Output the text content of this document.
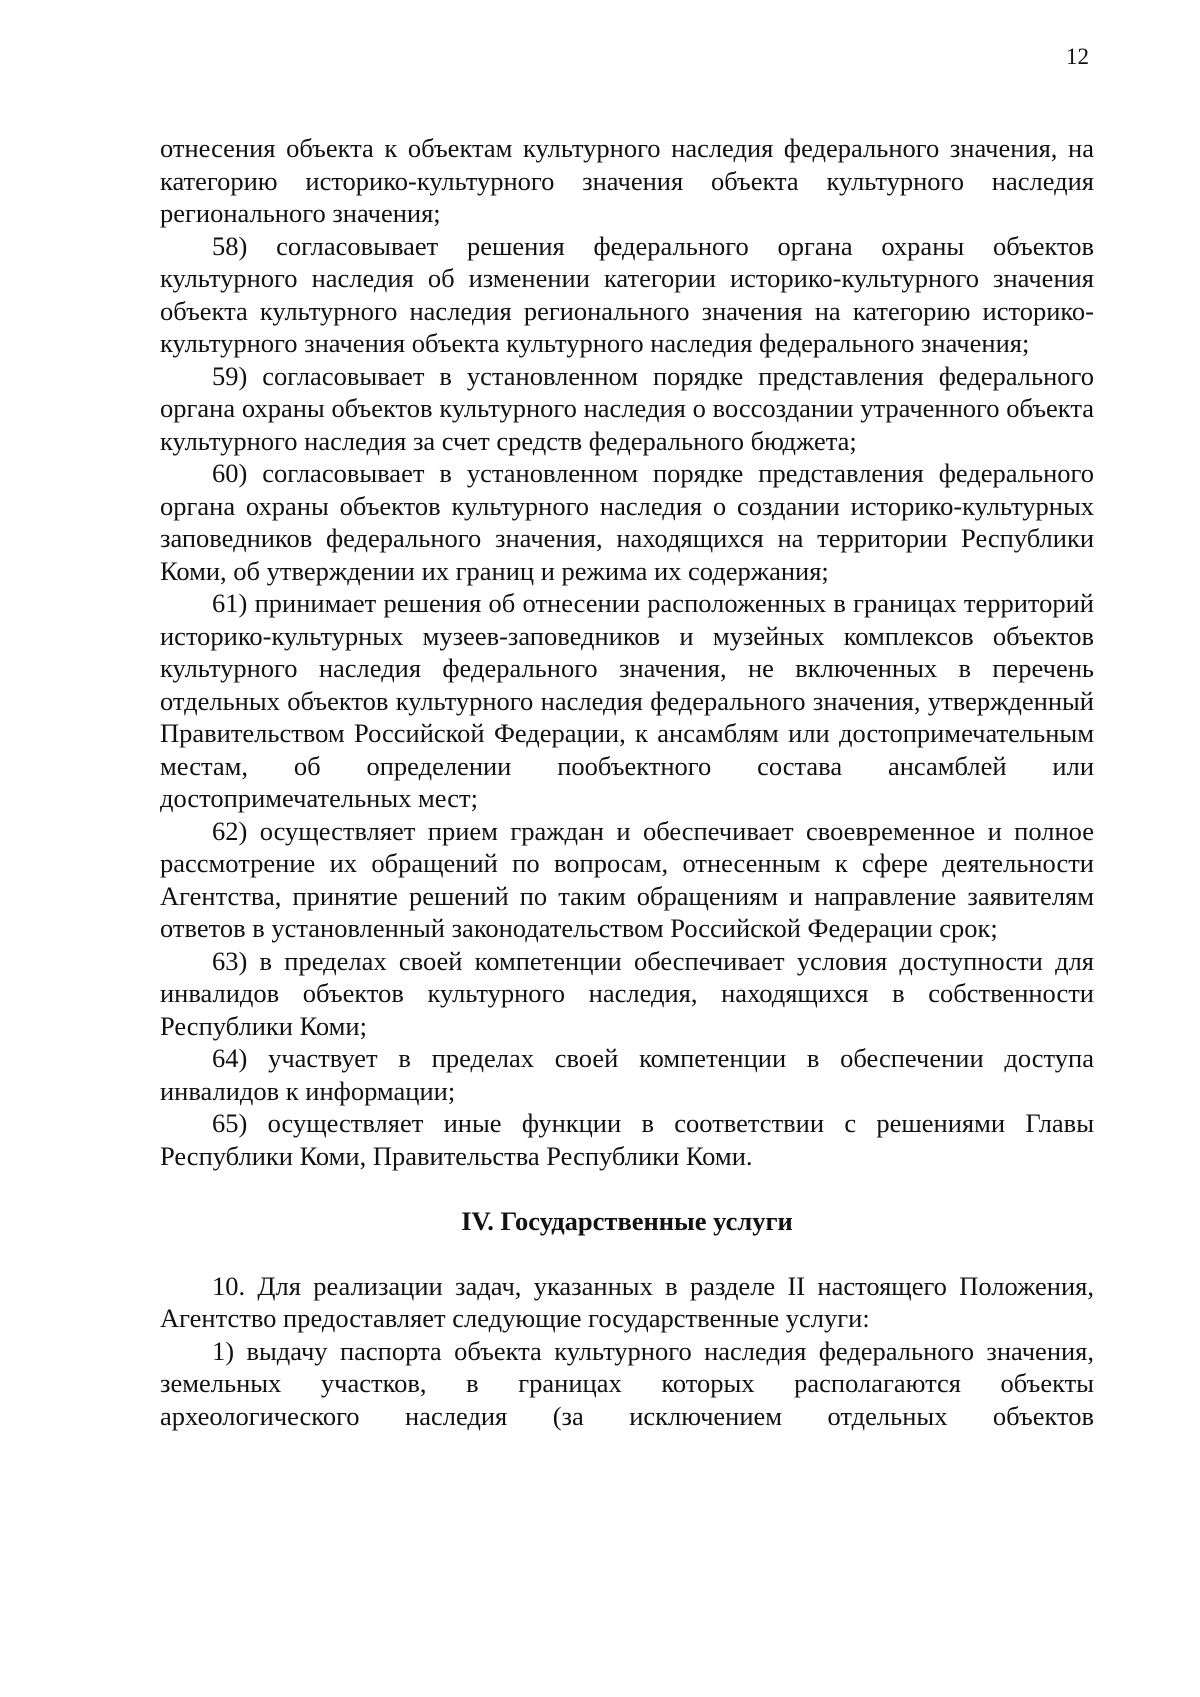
12

отнесения объекта к объектам культурного наследия федерального значения, на категорию историко-культурного значения объекта культурного наследия регионального значения;

58) согласовывает решения федерального органа охраны объектов культурного наследия об изменении категории историко-культурного значения объекта культурного наследия регионального значения на категорию историко-культурного значения объекта культурного наследия федерального значения;

59) согласовывает в установленном порядке представления федерального органа охраны объектов культурного наследия о воссоздании утраченного объекта культурного наследия за счет средств федерального бюджета;

60) согласовывает в установленном порядке представления федерального органа охраны объектов культурного наследия о создании историко-культурных заповедников федерального значения, находящихся на территории Республики Коми, об утверждении их границ и режима их содержания;

61) принимает решения об отнесении расположенных в границах территорий историко-культурных музеев-заповедников и музейных комплексов объектов культурного наследия федерального значения, не включенных в перечень отдельных объектов культурного наследия федерального значения, утвержденный Правительством Российской Федерации, к ансамблям или достопримечательным местам, об определении пообъектного состава ансамблей или достопримечательных мест;

62) осуществляет прием граждан и обеспечивает своевременное и полное рассмотрение их обращений по вопросам, отнесенным к сфере деятельности Агентства, принятие решений по таким обращениям и направление заявителям ответов в установленный законодательством Российской Федерации срок;

63) в пределах своей компетенции обеспечивает условия доступности для инвалидов объектов культурного наследия, находящихся в собственности Республики Коми;

64) участвует в пределах своей компетенции в обеспечении доступа инвалидов к информации;

65) осуществляет иные функции в соответствии с решениями Главы Республики Коми, Правительства Республики Коми.

IV. Государственные услуги

10. Для реализации задач, указанных в разделе II настоящего Положения, Агентство предоставляет следующие государственные услуги:

1) выдачу паспорта объекта культурного наследия федерального значения, земельных участков, в границах которых располагаются объекты археологического наследия (за исключением отдельных объектов
